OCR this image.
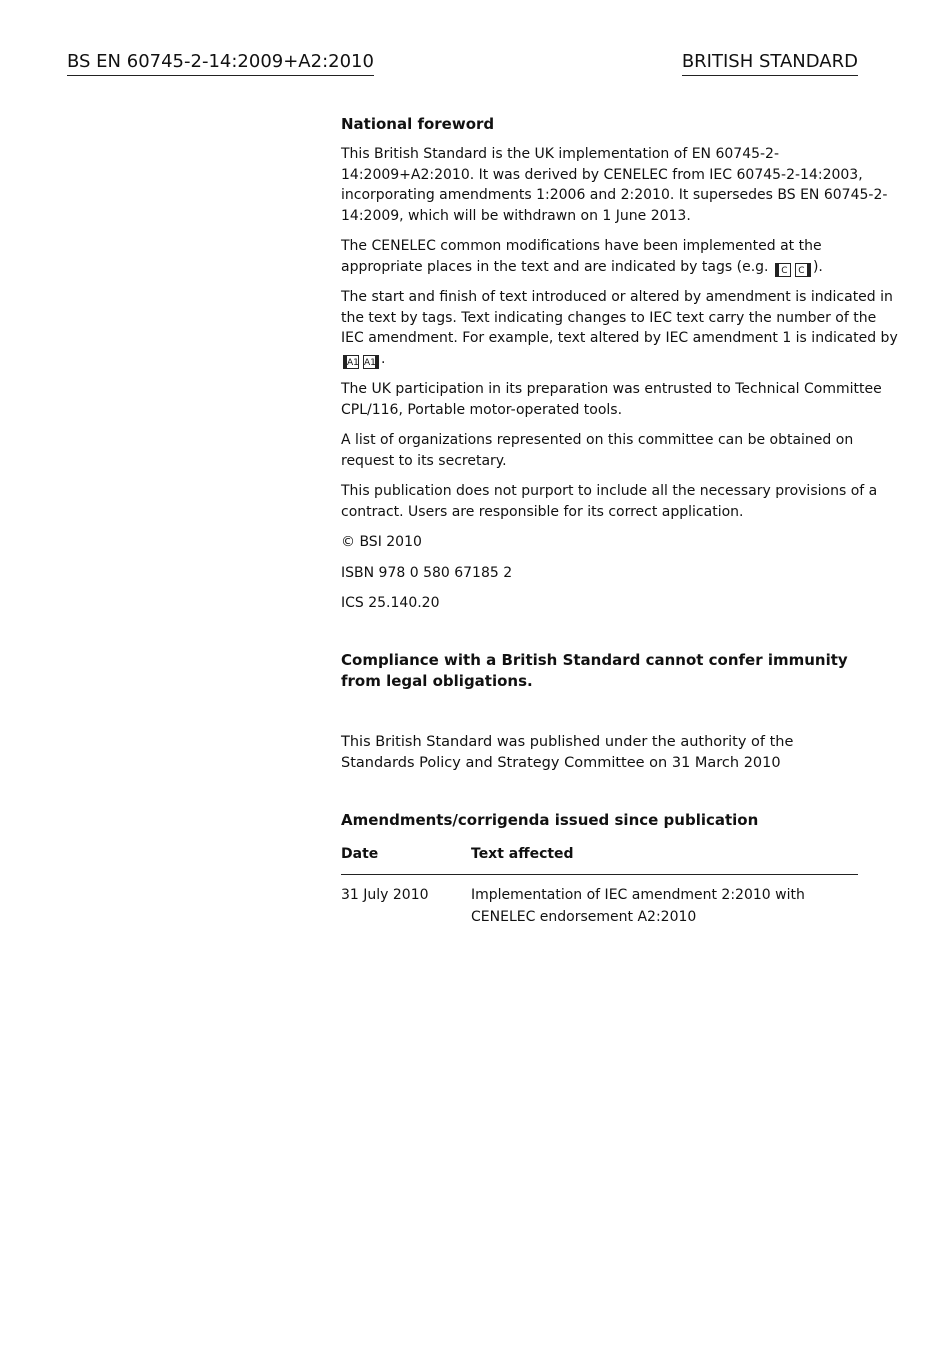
BS EN 60745-2-14:2009+A2:2010	BRITISH STANDARD
National foreword

This British Standard is the UK implementation of EN 60745-2-14:2009+A2:2010. It was derived by CENELEC from IEC 60745-2-14:2003, incorporating amendments 1:2006 and 2:2010. It supersedes BS EN 60745-2-14:2009, which will be withdrawn on 1 June 2013.

The CENELEC common modifications have been implemented at the appropriate places in the text and are indicated by tags (e.g. C C ).

The start and finish of text introduced or altered by amendment is indicated in the text by tags. Text indicating changes to IEC text carry the number of the IEC amendment. For example, text altered by IEC amendment 1 is indicated by A1 A1 .

The UK participation in its preparation was entrusted to Technical Committee CPL/116, Portable motor-operated tools.

A list of organizations represented on this committee can be obtained on request to its secretary.

This publication does not purport to include all the necessary provisions of a contract. Users are responsible for its correct application.

© BSI 2010

ISBN 978 0 580 67185 2

ICS 25.140.20

Compliance with a British Standard cannot confer immunity from legal obligations.

This British Standard was published under the authority of the Standards Policy and Strategy Committee on 31 March 2010

Amendments/corrigenda issued since publication
Date	Text affected
31 July 2010	Implementation of IEC amendment 2:2010 with CENELEC endorsement A2:2010
